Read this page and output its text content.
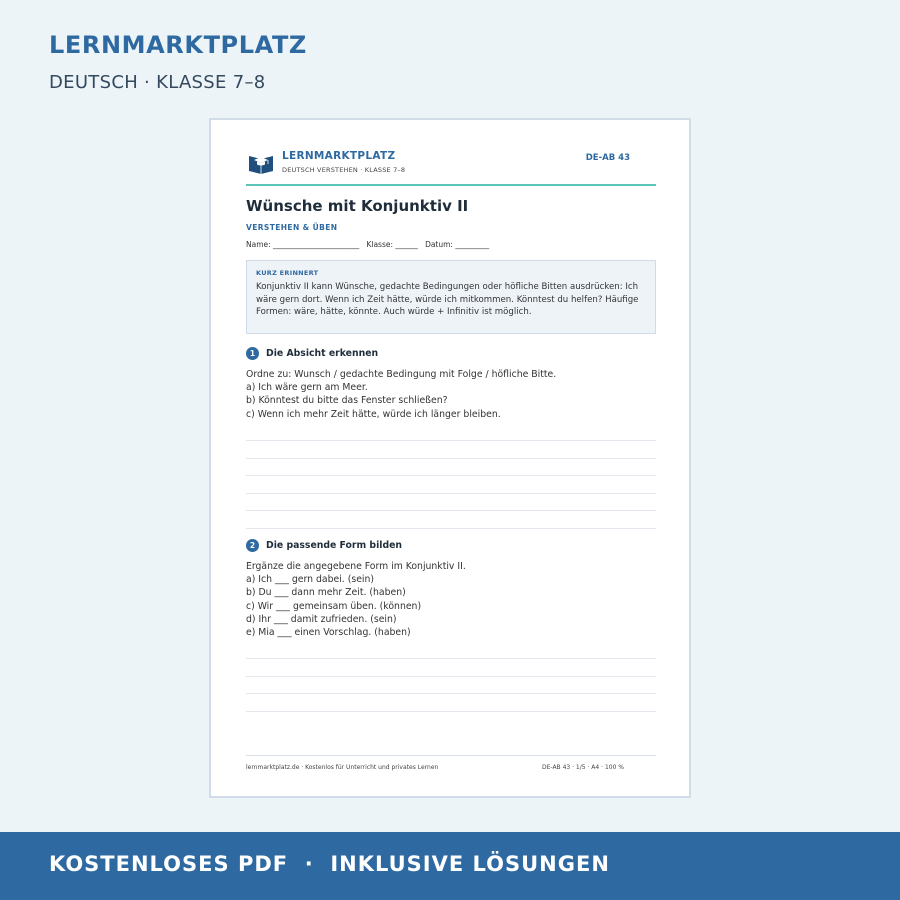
LERNMARKTPLATZ
DEUTSCH · KLASSE 7–8
LERNMARKTPLATZ
DEUTSCH VERSTEHEN · KLASSE 7–8
DE-AB 43
Wünsche mit Konjunktiv II
VERSTEHEN & ÜBEN
Name: _______________________ Klasse: ______ Datum: _________
KURZ ERINNERT
Konjunktiv II kann Wünsche, gedachte Bedingungen oder höfliche Bitten ausdrücken: Ich wäre gern dort. Wenn ich Zeit hätte, würde ich mitkommen. Könntest du helfen? Häufige Formen: wäre, hätte, könnte. Auch würde + Infinitiv ist möglich.
1	Die Absicht erkennen
Ordne zu: Wunsch / gedachte Bedingung mit Folge / höfliche Bitte.
a) Ich wäre gern am Meer.
b) Könntest du bitte das Fenster schließen?
c) Wenn ich mehr Zeit hätte, würde ich länger bleiben.
2	Die passende Form bilden
Ergänze die angegebene Form im Konjunktiv II.
a) Ich ___ gern dabei. (sein)
b) Du ___ dann mehr Zeit. (haben)
c) Wir ___ gemeinsam üben. (können)
d) Ihr ___ damit zufrieden. (sein)
e) Mia ___ einen Vorschlag. (haben)
lernmarktplatz.de · Kostenlos für Unterricht und privates Lernen	DE-AB 43 · 1/5 · A4 · 100 %
KOSTENLOSES PDF  ·  INKLUSIVE LÖSUNGEN
